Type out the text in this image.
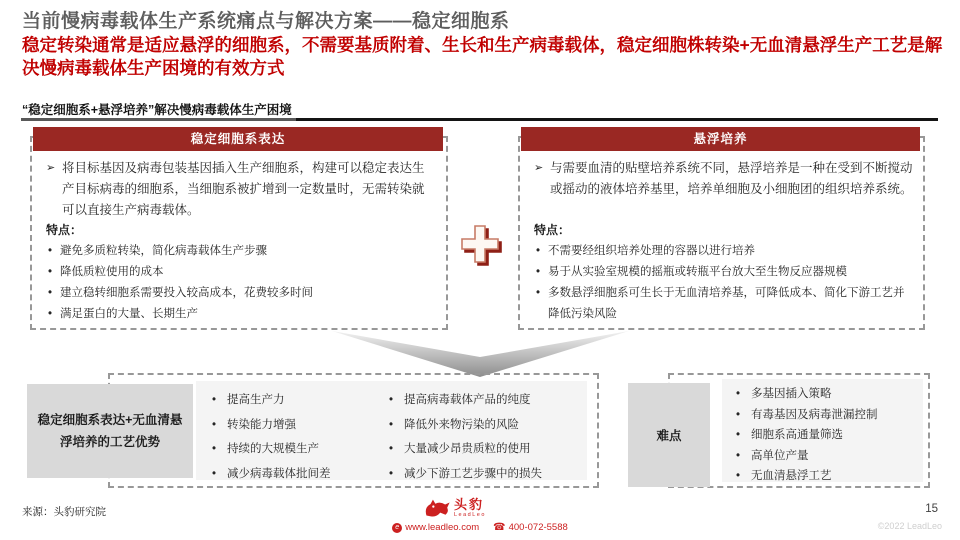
当前慢病毒载体生产系统痛点与解决方案——稳定细胞系
稳定转染通常是适应悬浮的细胞系，不需要基质附着、生长和生产病毒载体，稳定细胞株转染+无血清悬浮生产工艺是解决慢病毒载体生产困境的有效方式
“稳定细胞系+悬浮培养”解决慢病毒载体生产困境
稳定细胞系表达
➢ 将目标基因及病毒包装基因插入生产细胞系，构建可以稳定表达生产目标病毒的细胞系，当细胞系被扩增到一定数量时，无需转染就可以直接生产病毒载体。
特点：
• 避免多质粒转染，简化病毒载体生产步骤
• 降低质粒使用的成本
• 建立稳转细胞系需要投入较高成本，花费较多时间
• 满足蛋白的大量、长期生产
悬浮培养
➢ 与需要血清的贴壁培养系统不同，悬浮培养是一种在受到不断搅动或摇动的液体培养基里，培养单细胞及小细胞团的组织培养系统。
特点：
• 不需要经组织培养处理的容器以进行培养
• 易于从实验室规模的摇瓶或转瓶平台放大至生物反应器规模
• 多数悬浮细胞系可生长于无血清培养基，可降低成本、简化下游工艺并降低污染风险
稳定细胞系表达+无血清悬浮培养的工艺优势
• 提高生产力
• 转染能力增强
• 持续的大规模生产
• 减少病毒载体批间差
• 提高病毒载体产品的纯度
• 降低外来物污染的风险
• 大量减少昂贵质粒的使用
• 减少下游工艺步骤中的损失
难点
• 多基因插入策略
• 有毒基因及病毒泄漏控制
• 细胞系高通量筛选
• 高单位产量
• 无血清悬浮工艺
来源：头豹研究院	头豹
LeadLeo
e www.leadleo.com ☎ 400-072-5588
15
©2022 LeadLeo
